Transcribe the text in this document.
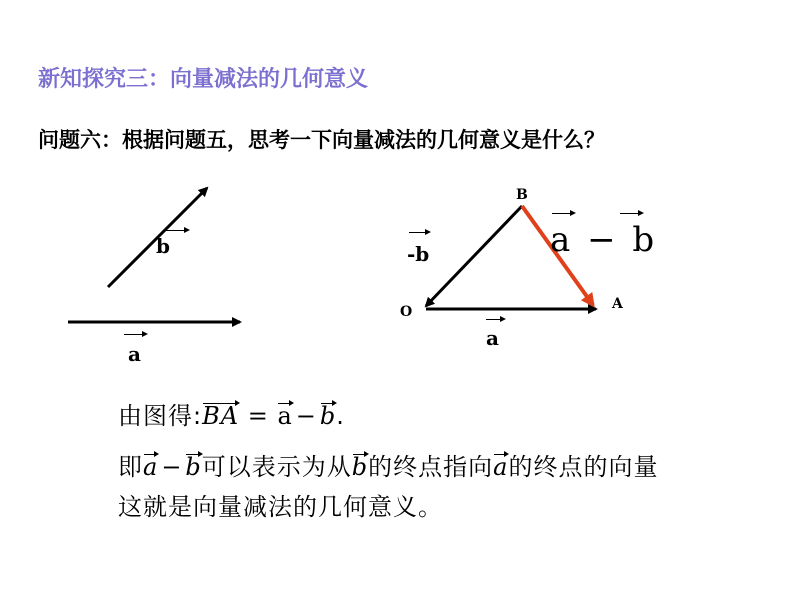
新知探究三：向量减法的几何意义
问题六：根据问题五，思考一下向量减法的几何意义是什么？
b
a
B
O	A
-b
a
a − b
由图得:BA = a − b.
即a − b可以表示为从b的终点指向a的终点的向量
这就是向量减法的几何意义。
